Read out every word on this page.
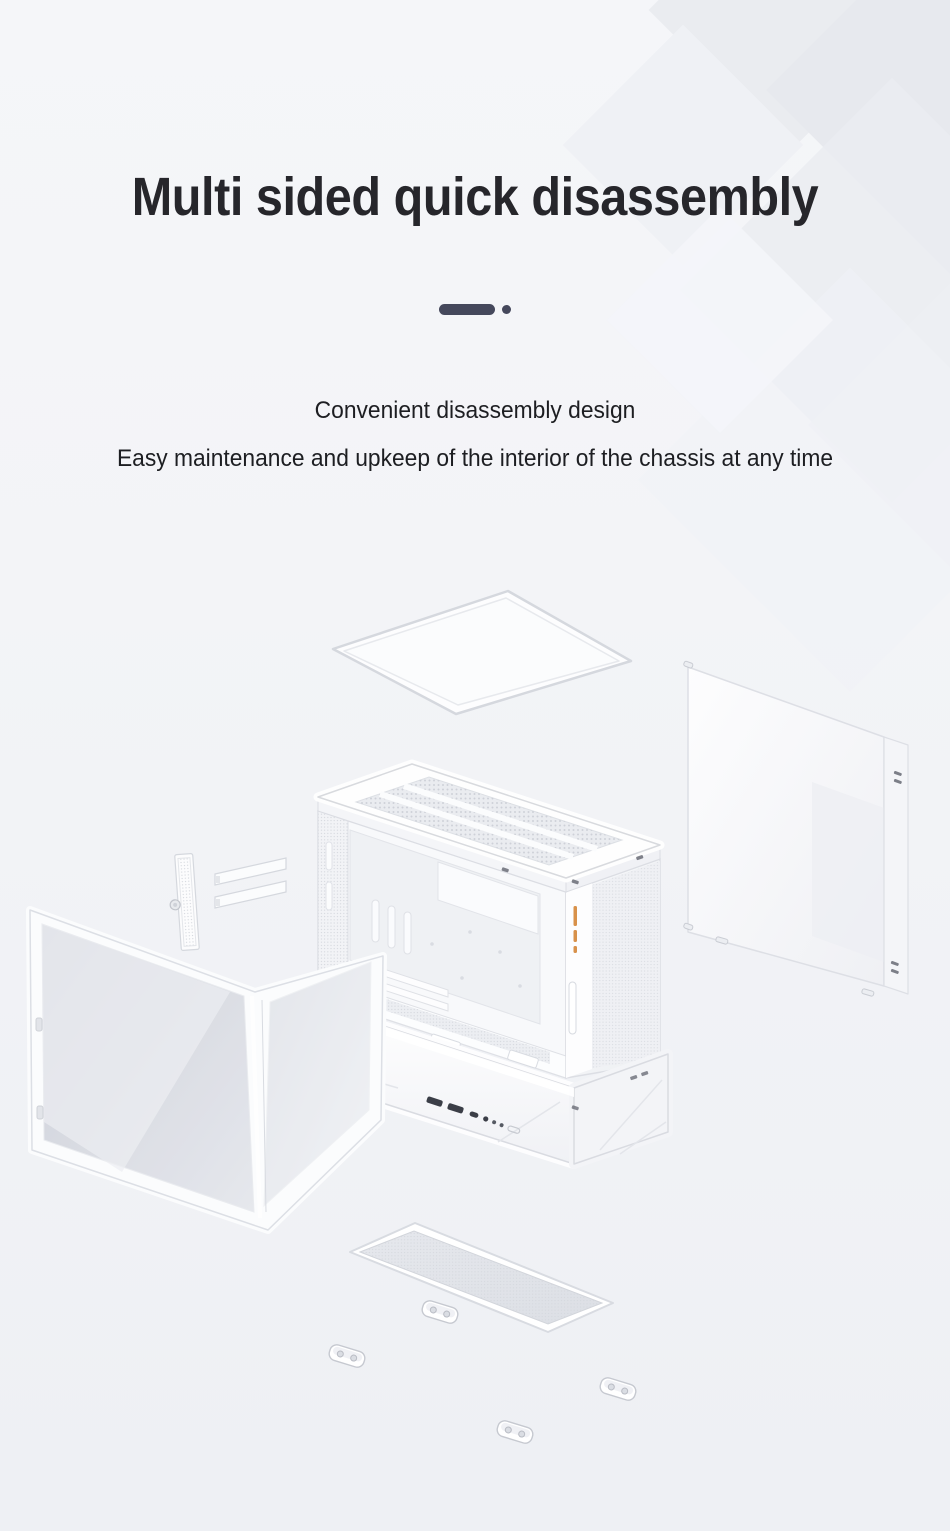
Multi sided quick disassembly

Convenient disassembly design

Easy maintenance and upkeep of the interior of the chassis at any time
